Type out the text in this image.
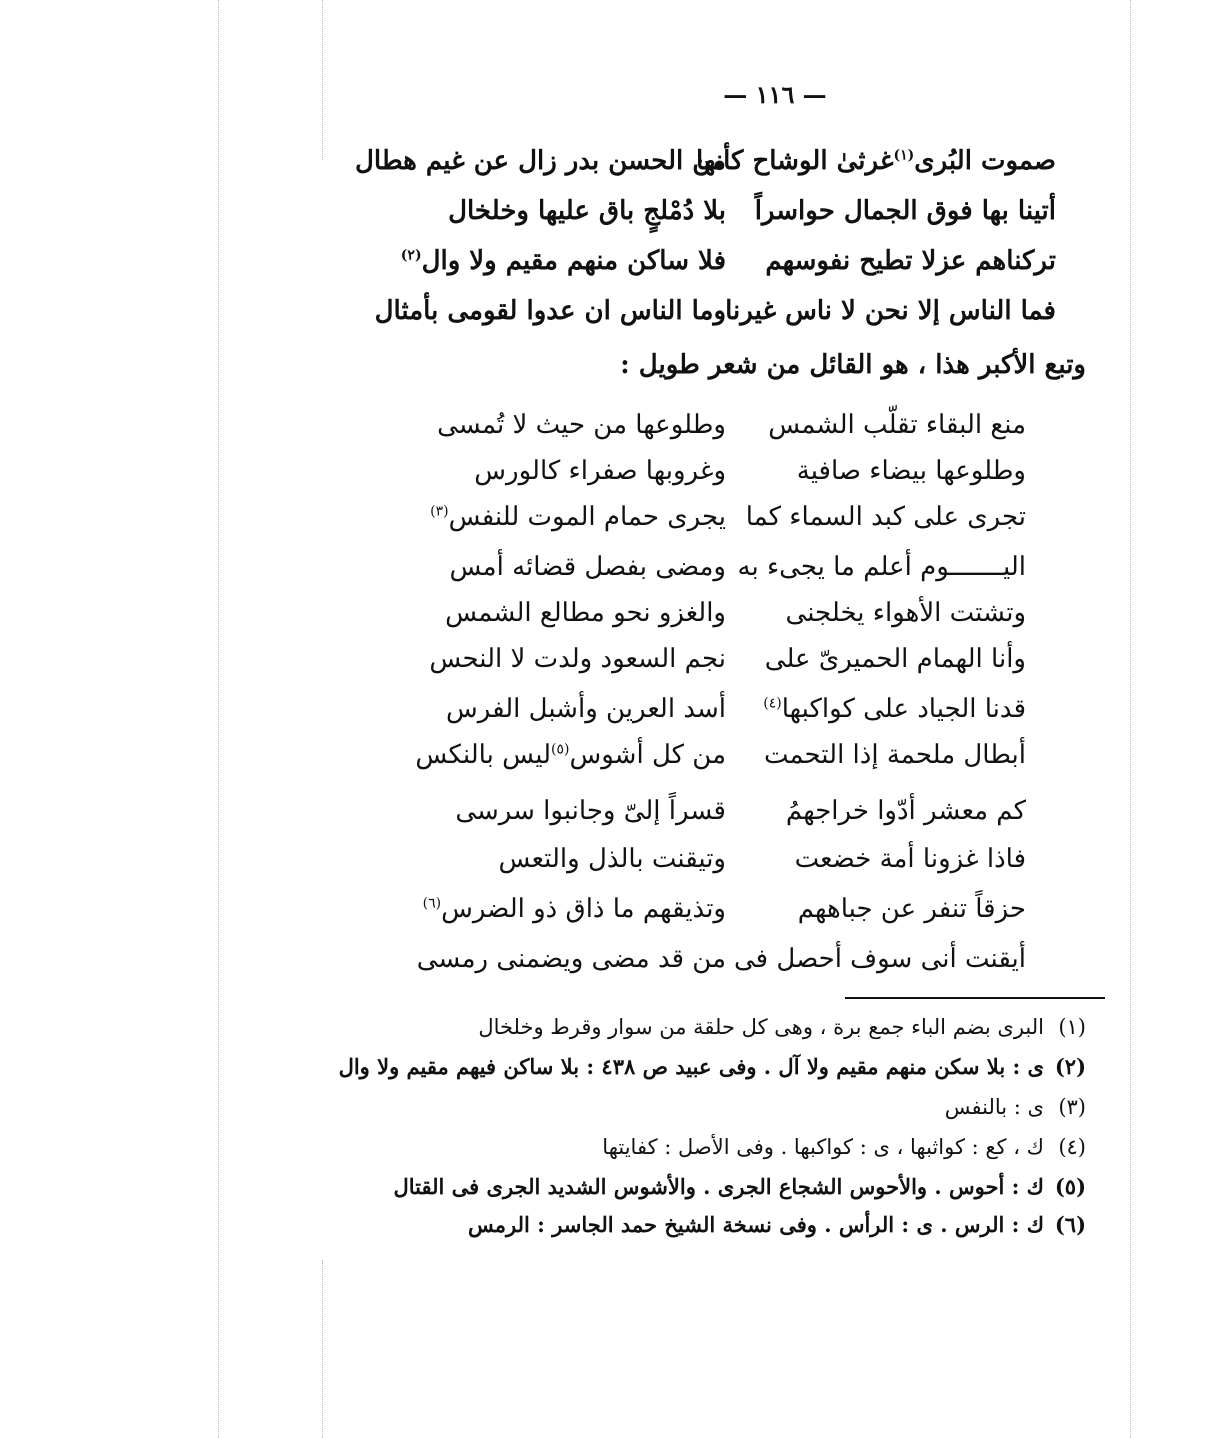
— ١١٦ —
صموت البُرى$^{(١)}$غرثىٰ الوشاح كأنها
من الحسن بدر زال عن غيم هطال
أتينا بها فوق الجمال حواسراً
بلا دُمْلجٍ باق عليها وخلخال
تركناهم عزلا تطيح نفوسهم
فلا ساكن منهم مقيم ولا وال$^{(٢)}$
فما الناس إلا نحن لا ناس غيرنا
وما الناس ان عدوا لقومى بأمثال
وتبع الأكبر هذا ، هو القائل من شعر طويل :
منع البقاء تقلّب الشمس
وطلوعها من حيث لا تُمسى
وطلوعها بيضاء صافية
وغروبها صفراء كالورس
تجرى على كبد السماء كما
يجرى حمام الموت للنفس$^{(٣)}$
اليـــــــوم أعلم ما يجىء به
ومضى بفصل قضائه أمس
وتشتت الأهواء يخلجنى
والغزو نحو مطالع الشمس
وأنا الهمام الحميرىّ على
نجم السعود ولدت لا النحس
قدنا الجياد على كواكبها$^{(٤)}$
أسد العرين وأشبل الفرس
أبطال ملحمة إذا التحمت
من كل أشوس$^{(٥)}$ليس بالنكس
كم معشر أدّوا خراجهمُ
قسراً إلىّ وجانبوا سرسى
فاذا غزونا أمة خضعت
وتيقنت بالذل والتعس
حزقاً تنفر عن جباههم
وتذيقهم ما ذاق ذو الضرس$^{(٦)}$
أيقنت أنى سوف أحصل فى
من قد مضى ويضمنى رمسى
(١)البرى بضم الباء جمع برة ، وهى كل حلقة من سوار وقرط وخلخال
(٢)ى : بلا سكن منهم مقيم ولا آل . وفى عبيد ص ٤٣٨ : بلا ساكن فيهم مقيم ولا وال
(٣)ى : بالنفس
(٤)ك ، كع : كواثبها ، ى : كواكبها . وفى الأصل : كفايتها
(٥)ك : أحوس . والأحوس الشجاع الجرى . والأشوس الشديد الجرى فى القتال
(٦)ك : الرس . ى : الرأس . وفى نسخة الشيخ حمد الجاسر : الرمس
